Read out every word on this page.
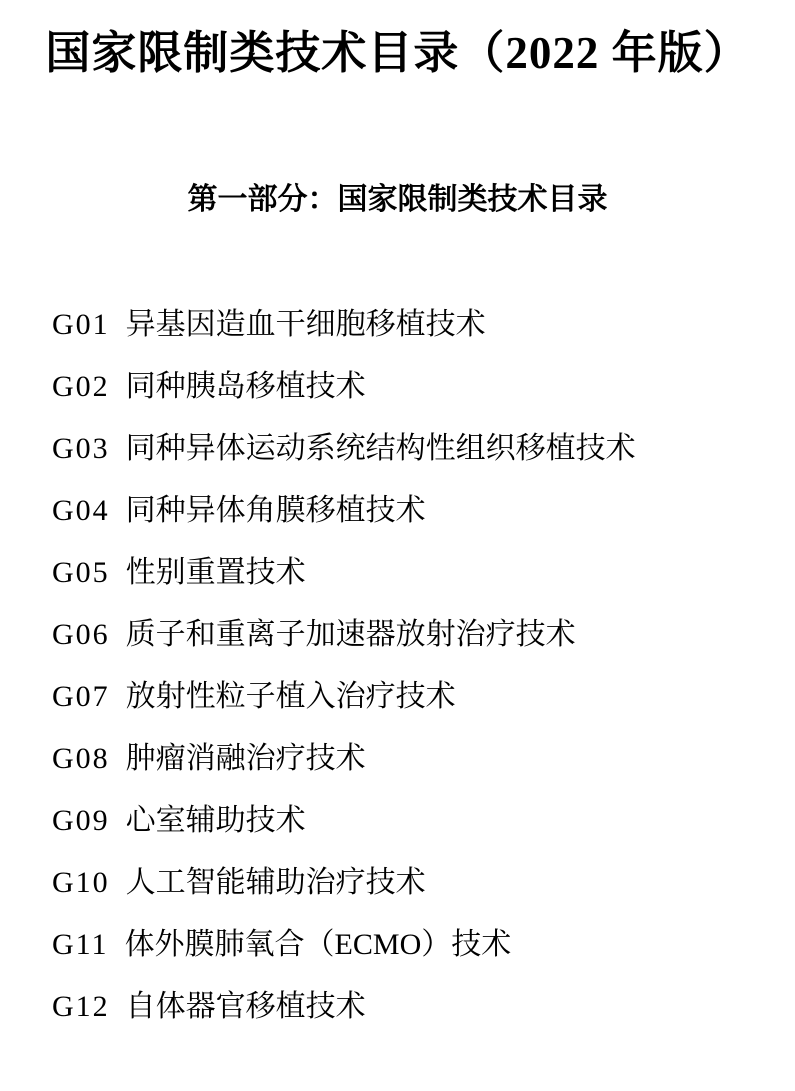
国家限制类技术目录（2022 年版）
第一部分：国家限制类技术目录
G01 异基因造血干细胞移植技术
G02 同种胰岛移植技术
G03 同种异体运动系统结构性组织移植技术
G04 同种异体角膜移植技术
G05 性别重置技术
G06 质子和重离子加速器放射治疗技术
G07 放射性粒子植入治疗技术
G08 肿瘤消融治疗技术
G09 心室辅助技术
G10 人工智能辅助治疗技术
G11 体外膜肺氧合（ECMO）技术
G12 自体器官移植技术
